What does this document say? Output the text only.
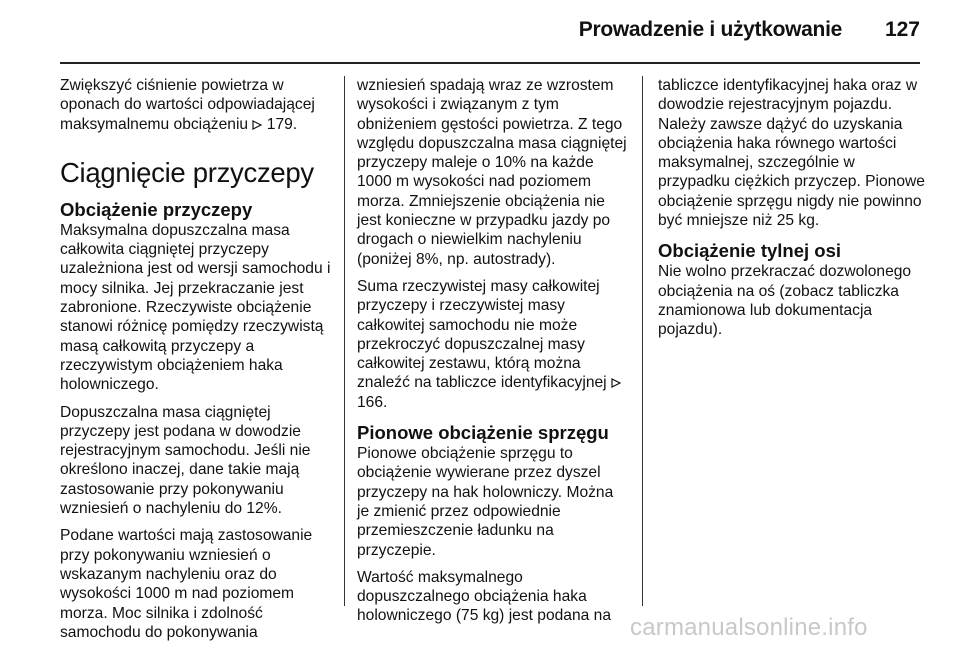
Prowadzenie i użytkowanie	127

Zwiększyć ciśnienie powietrza w oponach do wartości odpowiadającej maksymalnemu obciążeniu 179.

Ciągnięcie przyczepy
Obciążenie przyczepy

Maksymalna dopuszczalna masa całkowita ciągniętej przyczepy uzależniona jest od wersji samochodu i mocy silnika. Jej przekraczanie jest zabronione. Rzeczywiste obciążenie stanowi różnicę pomiędzy rzeczywistą masą całkowitą przyczepy a rzeczywistym obciążeniem haka holowniczego.

Dopuszczalna masa ciągniętej przyczepy jest podana w dowodzie rejestracyjnym samochodu. Jeśli nie określono inaczej, dane takie mają zastosowanie przy pokonywaniu wzniesień o nachyleniu do 12%.

Podane wartości mają zastosowanie przy pokonywaniu wzniesień o wskazanym nachyleniu oraz do wysokości 1000 m nad poziomem morza. Moc silnika i zdolność samochodu do pokonywania

wzniesień spadają wraz ze wzrostem wysokości i związanym z tym obniżeniem gęstości powietrza. Z tego względu dopuszczalna masa ciągniętej przyczepy maleje o 10% na każde 1000 m wysokości nad poziomem morza. Zmniejszenie obciążenia nie jest konieczne w przypadku jazdy po drogach o niewielkim nachyleniu (poniżej 8%, np. autostrady).

Suma rzeczywistej masy całkowitej przyczepy i rzeczywistej masy całkowitej samochodu nie może przekroczyć dopuszczalnej masy całkowitej zestawu, którą można znaleźć na tabliczce identyfikacyjnej  166.

Pionowe obciążenie sprzęgu

Pionowe obciążenie sprzęgu to obciążenie wywierane przez dyszel przyczepy na hak holowniczy. Można je zmienić przez odpowiednie przemieszczenie ładunku na przyczepie.

Wartość maksymalnego dopuszczalnego obciążenia haka holowniczego (75 kg) jest podana na

tabliczce identyfikacyjnej haka oraz w dowodzie rejestracyjnym pojazdu. Należy zawsze dążyć do uzyskania obciążenia haka równego wartości maksymalnej, szczególnie w przypadku ciężkich przyczep. Pionowe obciążenie sprzęgu nigdy nie powinno być mniejsze niż 25 kg.

Obciążenie tylnej osi

Nie wolno przekraczać dozwolonego obciążenia na oś (zobacz tabliczka znamionowa lub dokumentacja pojazdu).

carmanualsonline.info
